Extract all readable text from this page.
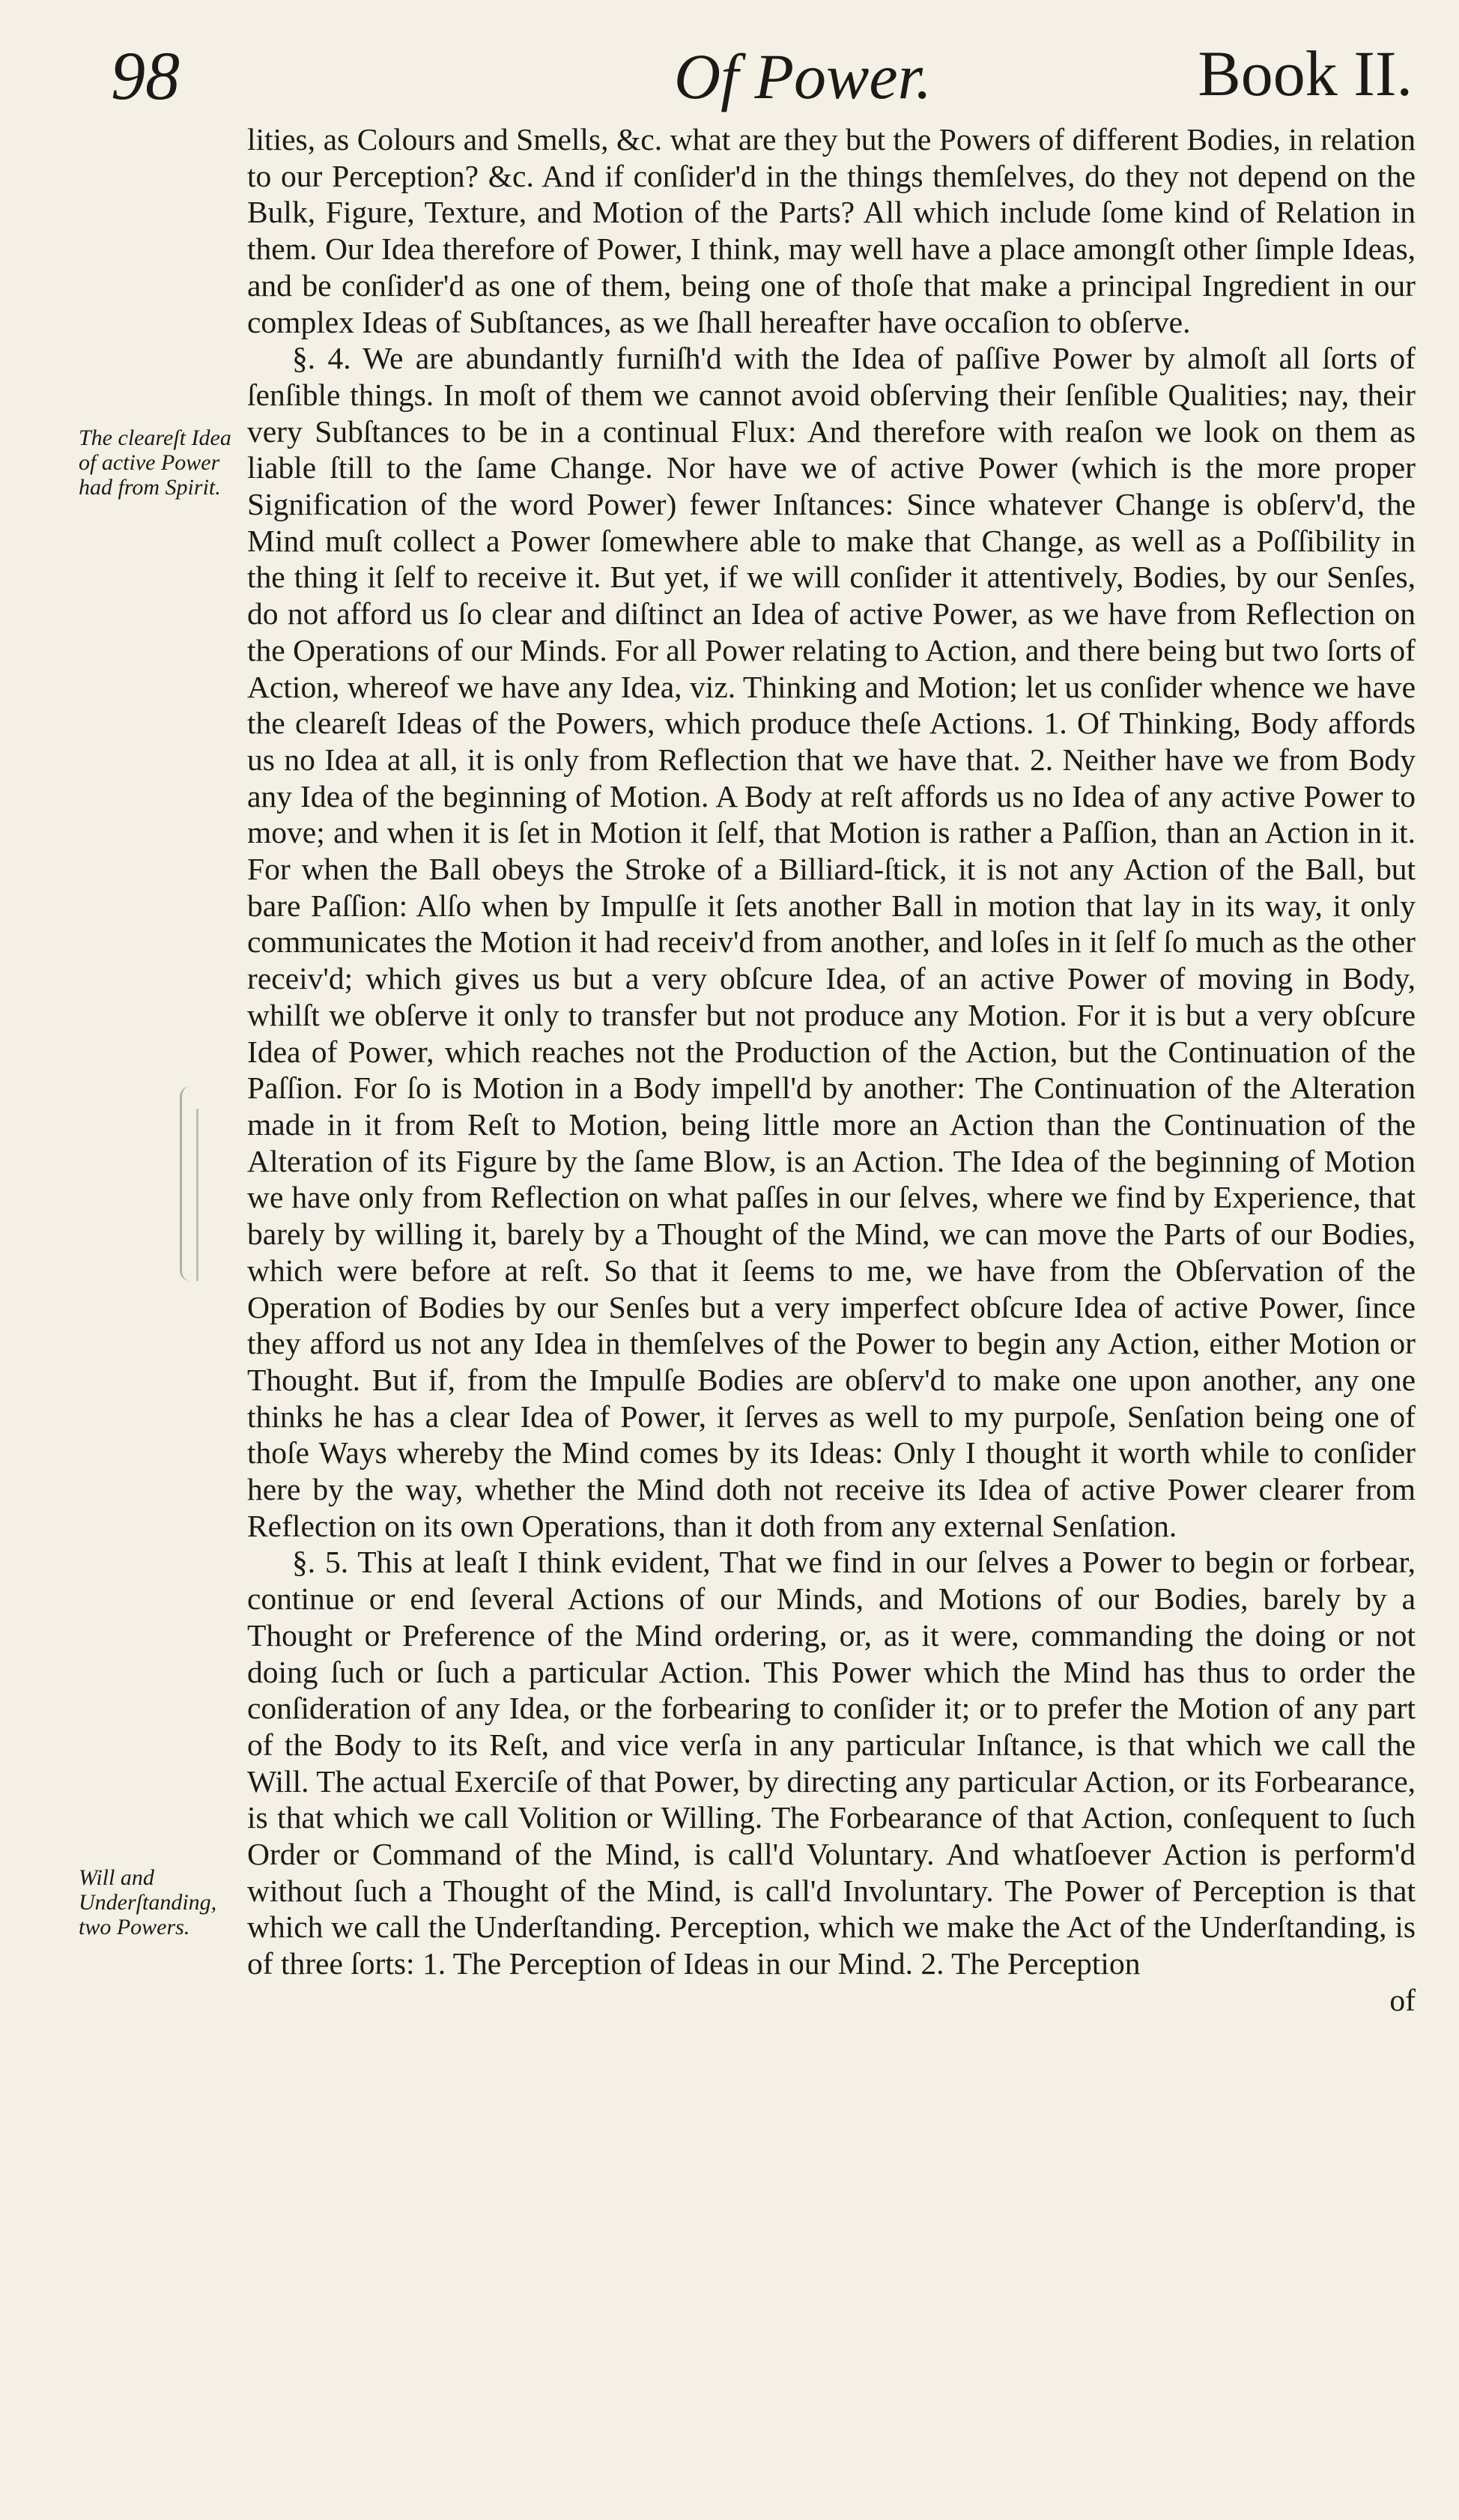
98	Of Power.	Book II.
The cleareſt Idea of active Power had from Spirit.
Will and Underſtanding, two Powers.

lities, as Colours and Smells, &c. what are they but the Powers of different Bodies, in relation to our Perception? &c. And if conſider'd in the things themſelves, do they not depend on the Bulk, Figure, Texture, and Motion of the Parts? All which include ſome kind of Relation in them. Our Idea therefore of Power, I think, may well have a place amongſt other ſimple Ideas, and be conſider'd as one of them, being one of thoſe that make a principal Ingredient in our complex Ideas of Subſtances, as we ſhall hereafter have occaſion to obſerve.

§. 4. We are abundantly furniſh'd with the Idea of paſſive Power by almoſt all ſorts of ſenſible things. In moſt of them we cannot avoid obſerving their ſenſible Qualities; nay, their very Subſtances to be in a continual Flux: And therefore with reaſon we look on them as liable ſtill to the ſame Change. Nor have we of active Power (which is the more proper Signification of the word Power) fewer Inſtances: Since whatever Change is obſerv'd, the Mind muſt collect a Power ſomewhere able to make that Change, as well as a Poſſibility in the thing it ſelf to receive it. But yet, if we will conſider it attentively, Bodies, by our Senſes, do not afford us ſo clear and diſtinct an Idea of active Power, as we have from Reflection on the Operations of our Minds. For all Power relating to Action, and there being but two ſorts of Action, whereof we have any Idea, viz. Thinking and Motion; let us conſider whence we have the cleareſt Ideas of the Powers, which produce theſe Actions. 1. Of Thinking, Body affords us no Idea at all, it is only from Reflection that we have that. 2. Neither have we from Body any Idea of the beginning of Motion. A Body at reſt affords us no Idea of any active Power to move; and when it is ſet in Motion it ſelf, that Motion is rather a Paſſion, than an Action in it. For when the Ball obeys the Stroke of a Billiard-ſtick, it is not any Action of the Ball, but bare Paſſion: Alſo when by Impulſe it ſets another Ball in motion that lay in its way, it only communicates the Motion it had receiv'd from another, and loſes in it ſelf ſo much as the other receiv'd; which gives us but a very obſcure Idea, of an active Power of moving in Body, whilſt we obſerve it only to transfer but not produce any Motion. For it is but a very obſcure Idea of Power, which reaches not the Production of the Action, but the Continuation of the Paſſion. For ſo is Motion in a Body impell'd by another: The Continuation of the Alteration made in it from Reſt to Motion, being little more an Action than the Continuation of the Alteration of its Figure by the ſame Blow, is an Action. The Idea of the beginning of Motion we have only from Reflection on what paſſes in our ſelves, where we find by Experience, that barely by willing it, barely by a Thought of the Mind, we can move the Parts of our Bodies, which were before at reſt. So that it ſeems to me, we have from the Obſervation of the Operation of Bodies by our Senſes but a very imperfect obſcure Idea of active Power, ſince they afford us not any Idea in themſelves of the Power to begin any Action, either Motion or Thought. But if, from the Impulſe Bodies are obſerv'd to make one upon another, any one thinks he has a clear Idea of Power, it ſerves as well to my purpoſe, Senſation being one of thoſe Ways whereby the Mind comes by its Ideas: Only I thought it worth while to conſider here by the way, whether the Mind doth not receive its Idea of active Power clearer from Reflection on its own Operations, than it doth from any external Senſation.

§. 5. This at leaſt I think evident, That we find in our ſelves a Power to begin or forbear, continue or end ſeveral Actions of our Minds, and Motions of our Bodies, barely by a Thought or Preference of the Mind ordering, or, as it were, commanding the doing or not doing ſuch or ſuch a particular Action. This Power which the Mind has thus to order the conſideration of any Idea, or the forbearing to conſider it; or to prefer the Motion of any part of the Body to its Reſt, and vice verſa in any particular Inſtance, is that which we call the Will. The actual Exerciſe of that Power, by directing any particular Action, or its Forbearance, is that which we call Volition or Willing. The Forbearance of that Action, conſequent to ſuch Order or Command of the Mind, is call'd Voluntary. And whatſoever Action is perform'd without ſuch a Thought of the Mind, is call'd Involuntary. The Power of Perception is that which we call the Underſtanding. Perception, which we make the Act of the Underſtanding, is of three ſorts: 1. The Perception of Ideas in our Mind. 2. The Perception

of
